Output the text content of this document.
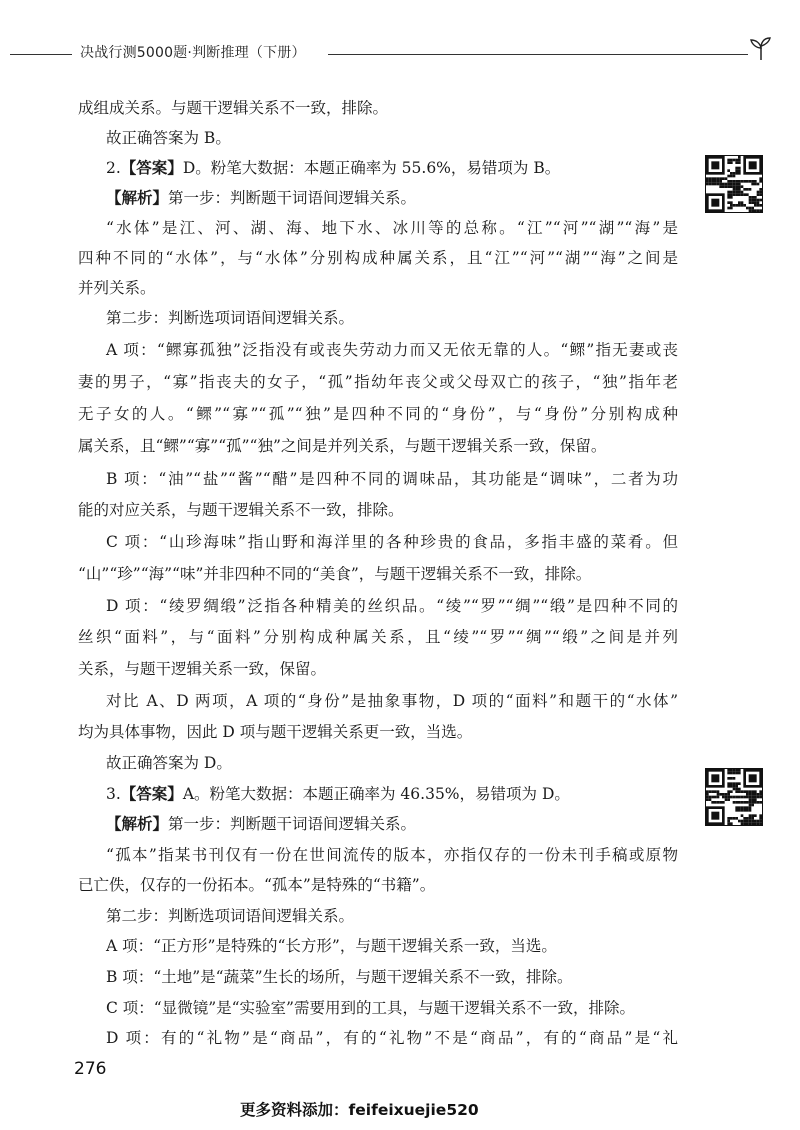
决战行测5000题·判断推理（下册）
成组成关系。与题干逻辑关系不一致，排除。
故正确答案为 B。
2.【答案】D。粉笔大数据：本题正确率为 55.6%，易错项为 B。
【解析】第一步：判断题干词语间逻辑关系。
“水体”是江、河、湖、海、地下水、冰川等的总称。“江”“河”“湖”“海”是
四种不同的“水体”，与“水体”分别构成种属关系，且“江”“河”“湖”“海”之间是
并列关系。
第二步：判断选项词语间逻辑关系。
A 项：“鳏寡孤独”泛指没有或丧失劳动力而又无依无靠的人。“鳏”指无妻或丧
妻的男子，“寡”指丧夫的女子，“孤”指幼年丧父或父母双亡的孩子，“独”指年老
无子女的人。“鳏”“寡”“孤”“独”是四种不同的“身份”，与“身份”分别构成种
属关系，且“鳏”“寡”“孤”“独”之间是并列关系，与题干逻辑关系一致，保留。
B 项：“油”“盐”“酱”“醋”是四种不同的调味品，其功能是“调味”，二者为功
能的对应关系，与题干逻辑关系不一致，排除。
C 项：“山珍海味”指山野和海洋里的各种珍贵的食品，多指丰盛的菜肴。但
“山”“珍”“海”“味”并非四种不同的“美食”，与题干逻辑关系不一致，排除。
D 项：“绫罗绸缎”泛指各种精美的丝织品。“绫”“罗”“绸”“缎”是四种不同的
丝织“面料”，与“面料”分别构成种属关系，且“绫”“罗”“绸”“缎”之间是并列
关系，与题干逻辑关系一致，保留。
对比 A、D 两项，A 项的“身份”是抽象事物，D 项的“面料”和题干的“水体”
均为具体事物，因此 D 项与题干逻辑关系更一致，当选。
故正确答案为 D。
3.【答案】A。粉笔大数据：本题正确率为 46.35%，易错项为 D。
【解析】第一步：判断题干词语间逻辑关系。
“孤本”指某书刊仅有一份在世间流传的版本，亦指仅存的一份未刊手稿或原物
已亡佚，仅存的一份拓本。“孤本”是特殊的“书籍”。
第二步：判断选项词语间逻辑关系。
A 项：“正方形”是特殊的“长方形”，与题干逻辑关系一致，当选。
B 项：“土地”是“蔬菜”生长的场所，与题干逻辑关系不一致，排除。
C 项：“显微镜”是“实验室”需要用到的工具，与题干逻辑关系不一致，排除。
D 项：有的“礼物”是“商品”，有的“礼物”不是“商品”，有的“商品”是“礼
276
更多资料添加：feifeixuejie520
